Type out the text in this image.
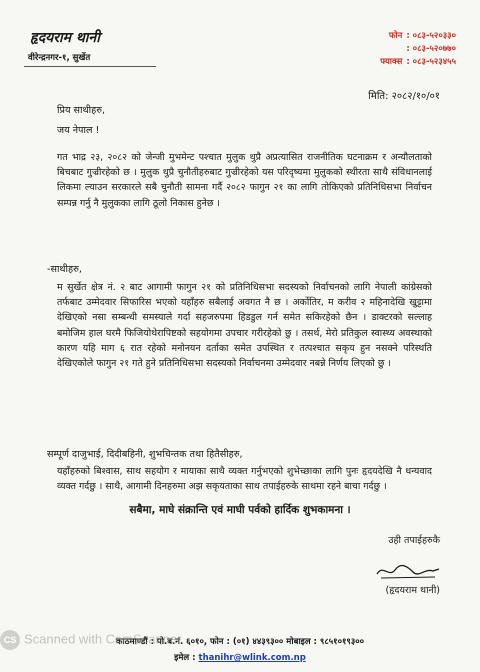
हृदयराम थानी
वीरेन्द्रनगर-१, सुर्खेत
फोन : ०८३-५२०३३०
: ०८३-५२०७७०
फ्याक्स : ०८३-५२३४५५
मिति: २०८२/१०/०१
प्रिय साथीहरु,
जय नेपाल !
गत भाद्र २३, २०८२ को जेन्जी मुभमेन्ट पश्चात मुलुक थुप्रै अप्रत्यासित राजनीतिक घटनाक्रम र अन्यौलताको बिचबाट गुज्रीरहेको छ । मुलुक थुप्रै चुनौतीहरुबाट गुज्रीरहेको यस परिदृष्यमा मुलुकको स्थीरता साथै संविधानलाई लिकमा ल्याउन सरकारले सबै चुनौती सामना गर्दै २०८२ फागुन २१ का लागि तोकिएको प्रतिनिधिसभा निर्वाचन सम्पन्न गर्नु नै मुलुकका लागि ठूलो निकास हुनेछ ।
-साथीहरु,
म सुर्खेत क्षेत्र नं. २ बाट आगामी फागुन २१ को प्रतिनिधिसभा सदस्यको निर्वाचनको लागि नेपाली कांग्रेसको तर्फबाट उम्मेदवार सिफारिस भएको यहाँहरु सबैलाई अवगत नै छ । अर्कोतिर, म करीव २ महिनादेखि खुट्टामा देखिएको नसा सम्बन्धी समस्याले गर्दा सहजरुपमा हिडडुल गर्न समेत सकिरहेको छैन । डाक्टरको सल्लाह बमोजिम हाल घरमै फिजियोथेरापिष्टको सहयोगमा उपचार गरीरहेको छु । तसर्थ, मेरो प्रतिकुल स्वास्थ्य अवस्थाको कारण यहि माग ६ रात रहेको मनोनयन दर्ताका समेत उपस्थित र तत्पश्चात सकृय हुन नसक्ने परिस्थति देखिएकोले फागुन २१ गते हुने प्रतिनिधिसभा सदस्यको निर्वाचनमा उम्मेदवार नबन्ने निर्णय लिएको छु ।
सम्पूर्ण दाजुभाई, दिदीबहिनी, शुभचिन्तक तथा हितैसीहरु,
यहाँहरुको बिश्वास, साथ सहयोग र मायाका साथै व्यक्त गर्नुभएको शुभेच्छाका लागि पुनः हृदयदेखि नै धन्यवाद व्यक्त गर्दछु । साथै, आगामी दिनहरुमा अझ सकृयताका साथ तपाईहरुके साथमा रहने बाचा गर्दछु ।
सबैमा, माघे संक्रान्ति एवं माघी पर्वको हार्दिक शुभकामना ।
उही तपाईहरुकै
(हृदयराम थानी)
काठमाण्डौं : पो.ब.नं. ६०१०, फोन : (०१) ४४३९३०० मोबाइल : ९८५१०१९३००
इमेल : thanihr@wlink.com.np
CS Scanned with CamScanner
